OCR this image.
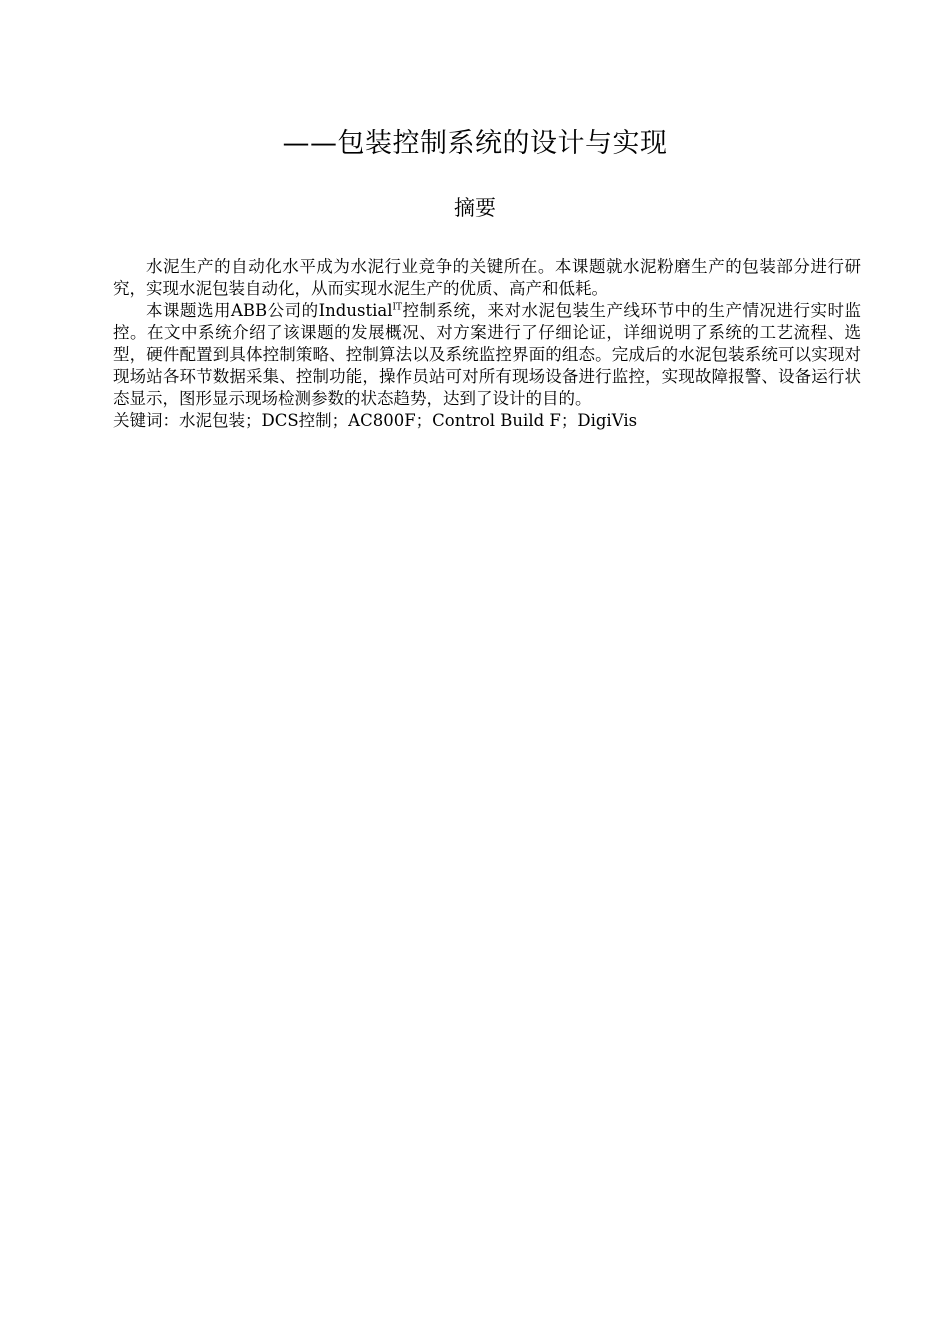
——包装控制系统的设计与实现
摘要

水泥生产的自动化水平成为水泥行业竞争的关键所在。本课题就水泥粉磨生产的包装部分进行研究，实现水泥包装自动化，从而实现水泥生产的优质、高产和低耗。

本课题选用ABB公司的Industial$^{IT}$控制系统，来对水泥包装生产线环节中的生产情况进行实时监控。在文中系统介绍了该课题的发展概况、对方案进行了仔细论证，详细说明了系统的工艺流程、选型，硬件配置到具体控制策略、控制算法以及系统监控界面的组态。完成后的水泥包装系统可以实现对现场站各环节数据采集、控制功能，操作员站可对所有现场设备进行监控，实现故障报警、设备运行状态显示，图形显示现场检测参数的状态趋势，达到了设计的目的。

关键词：水泥包装；DCS控制；AC800F；Control Build F；DigiVis
